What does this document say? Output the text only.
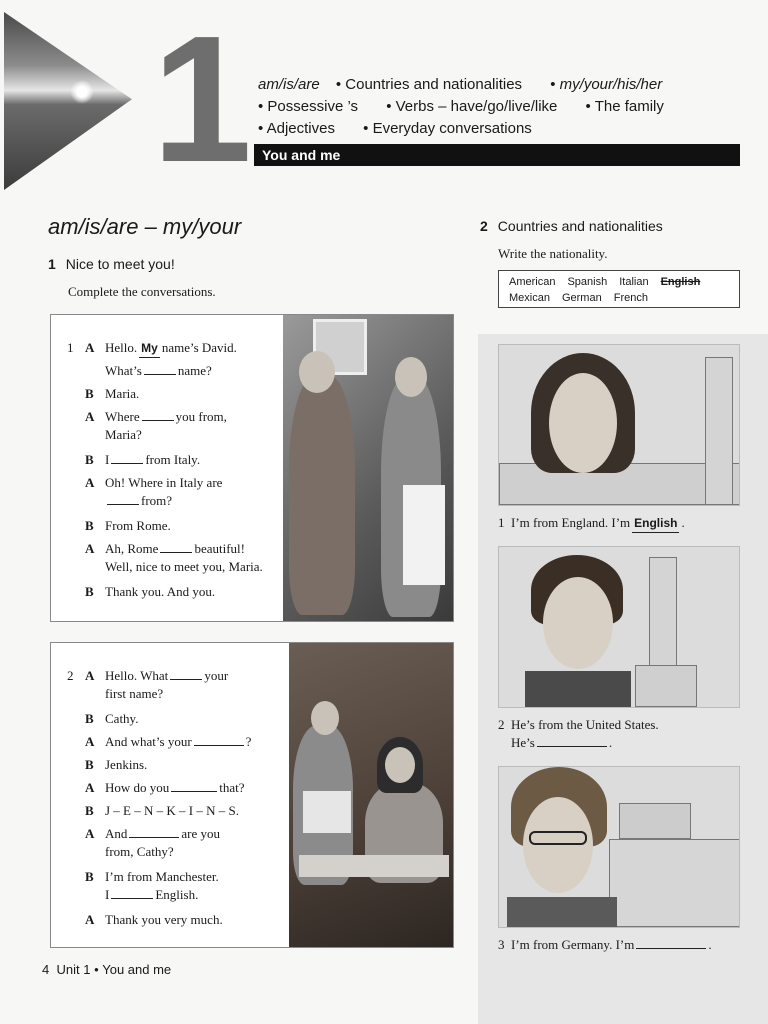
1 am/is/are • Countries and nationalities • my/your/his/her
• Possessive ’s • Verbs – have/go/live/like • The family
• Adjectives • Everyday conversations
You and me
am/is/are – my/your
1 Nice to meet you!
Complete the conversations.
1 A Hello. My name’s David.
What’s	name?
B Maria.
A Where	you from,
Maria?
B I	from Italy.
A Oh! Where in Italy are
from?
B From Rome.
A Ah, Rome	beautiful!
Well, nice to meet you, Maria.
B Thank you. And you.
2 A Hello. What	your
first name?
B Cathy.
A And what’s your	?
B Jenkins.
A How do you	that?
B J – E – N – K – I – N – S.
A And	are you
from, Cathy?
B I’m from Manchester.
I	English.
A Thank you very much.
2 Countries and nationalities
Write the nationality.
American Spanish Italian English
Mexican German French
1 I’m from England. I’m English .
2 He’s from the United States.
He’s	.
3 I’m from Germany. I’m	.
4 Unit 1 • You and me
